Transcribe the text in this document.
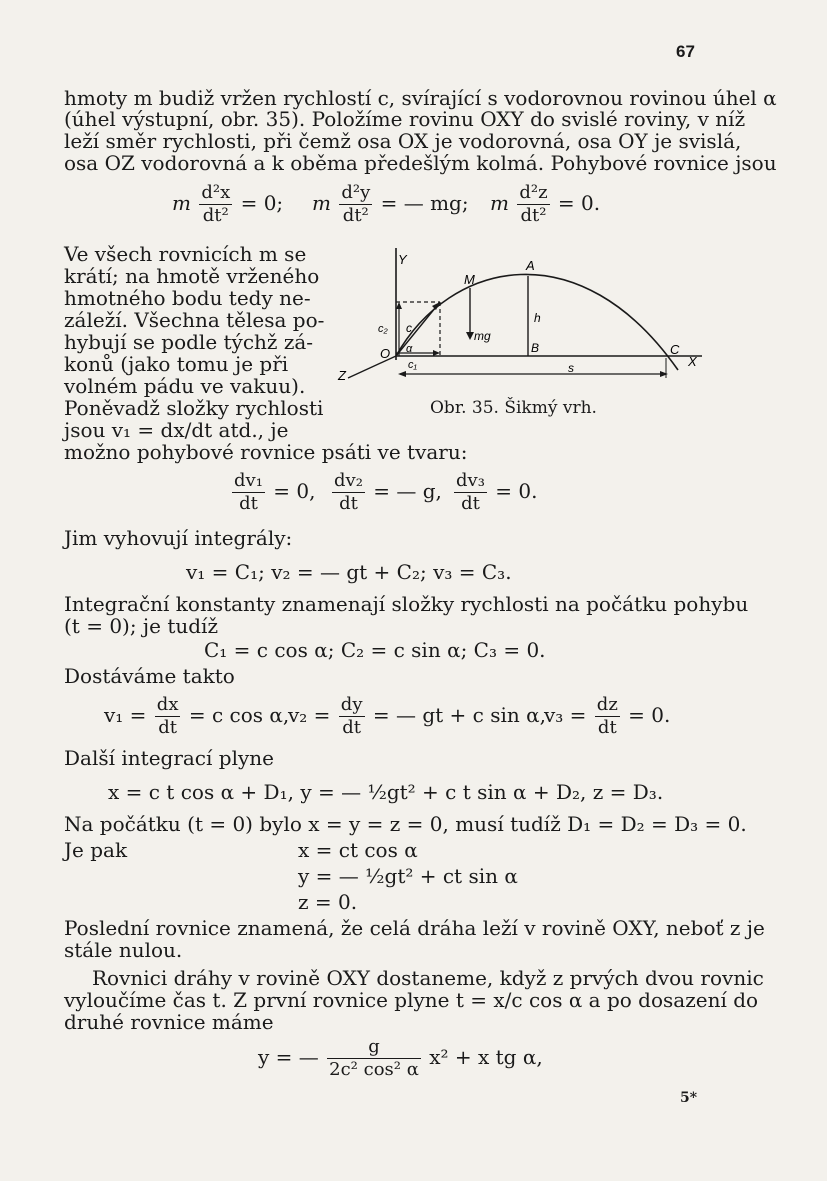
67
hmoty m budiž vržen rychlostí c, svírající s vodorovnou rovinou úhel α
(úhel výstupní, obr. 35). Položíme rovinu OXY do svislé roviny, v níž
leží směr rychlosti, při čemž osa OX je vodorovná, osa OY je svislá,
osa OZ vodorovná a k oběma předešlým kolmá. Pohybové rovnice jsou
m $\frac{\text{d²x}}{\text{dt²}} = 0$; m $\frac{\text{d²y}}{\text{dt²}}$ = — mg; m $\frac{\text{d²z}}{\text{dt²}} = 0$.
Ve všech rovnicích m se
krátí; na hmotě vrženého
hmotného bodu tedy ne-
záleží. Všechna tělesa po-
hybují se podle týchž zá-
konů (jako tomu je při
volném pádu ve vakuu).
Poněvadž složky rychlosti
jsou v₁ = dx/dt atd., je
možno pohybové rovnice psáti ve tvaru:
Y
X
Z
O
M
A
B	C
c
c₁
c₂
h
s
mg
α
Obr. 35. Šikmý vrh.
$\frac{\text{dv₁}}{dt} = 0$, $\frac{\text{dv₂}}{dt}$ = — g, $\frac{\text{dv₃}}{dt} = 0$.
Jim vyhovují integrály:
v₁ = C₁; v₂ = — gt + C₂; v₃ = C₃.
Integrační konstanty znamenají složky rychlosti na počátku pohybu
(t = 0); je tudíž
C₁ = c cos α; C₂ = c sin α; C₃ = 0.
Dostáváme takto
$v_1 = \frac{dx}{dt} = c$ cos α,
$v_2 = \frac{dy}{dt}$ = — gt + c sin α,
$v_3 = \frac{dz}{dt} = 0$.
Další integrací plyne
x = c t cos α + D₁, y = — ½gt² + c t sin α + D₂, z = D₃.
Na počátku (t = 0) bylo x = y = z = 0, musí tudíž D₁ = D₂ = D₃ = 0.
Je pak	x = ct cos α
y = — ½gt² + ct sin α
z = 0.
Poslední rovnice znamená, že celá dráha leží v rovině OXY, neboť z je
stále nulou.
Rovnici dráhy v rovině OXY dostaneme, když z prvých dvou rovnic
vyloučíme čas t. Z první rovnice plyne t = x/c cos α a po dosazení do
druhé rovnice máme
y = — $\frac{g}{\text{2c² cos² α}} x^2 + x$ tg α,
5*
